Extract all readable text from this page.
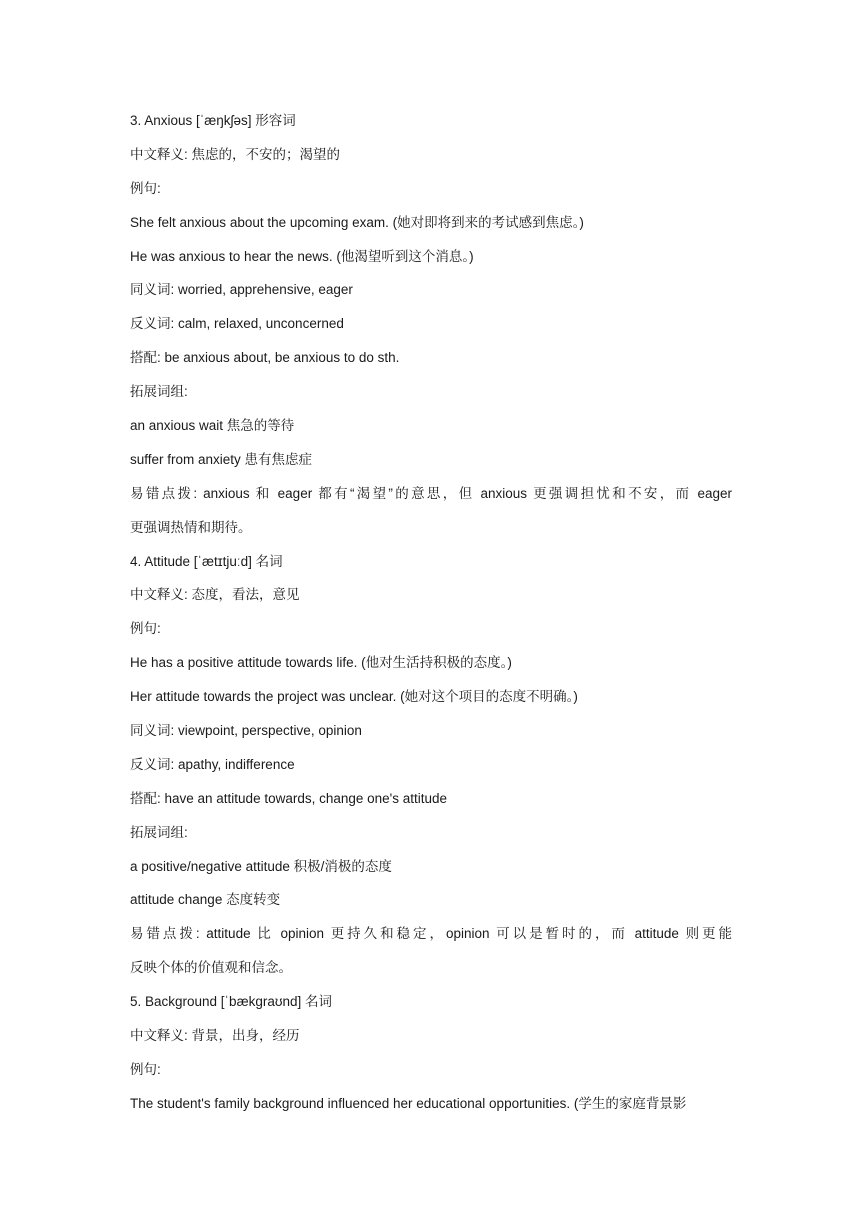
3. Anxious [ˈæŋkʃəs] 形容词
中文释义: 焦虑的，不安的；渴望的
例句:
She felt anxious about the upcoming exam. (她对即将到来的考试感到焦虑。)
He was anxious to hear the news. (他渴望听到这个消息。)
同义词: worried, apprehensive, eager
反义词: calm, relaxed, unconcerned
搭配: be anxious about, be anxious to do sth.
拓展词组:
an anxious wait 焦急的等待
suffer from anxiety 患有焦虑症
易错点拨: anxious 和 eager 都有“渴望”的意思，但 anxious 更强调担忧和不安，而 eager
更强调热情和期待。
4. Attitude [ˈætɪtjuːd] 名词
中文释义: 态度，看法，意见
例句:
He has a positive attitude towards life. (他对生活持积极的态度。)
Her attitude towards the project was unclear. (她对这个项目的态度不明确。)
同义词: viewpoint, perspective, opinion
反义词: apathy, indifference
搭配: have an attitude towards, change one's attitude
拓展词组:
a positive/negative attitude 积极/消极的态度
attitude change 态度转变
易错点拨: attitude 比 opinion 更持久和稳定，opinion 可以是暂时的，而 attitude 则更能
反映个体的价值观和信念。
5. Background [ˈbækɡraʊnd] 名词
中文释义: 背景，出身，经历
例句:
The student's family background influenced her educational opportunities. (学生的家庭背景影
